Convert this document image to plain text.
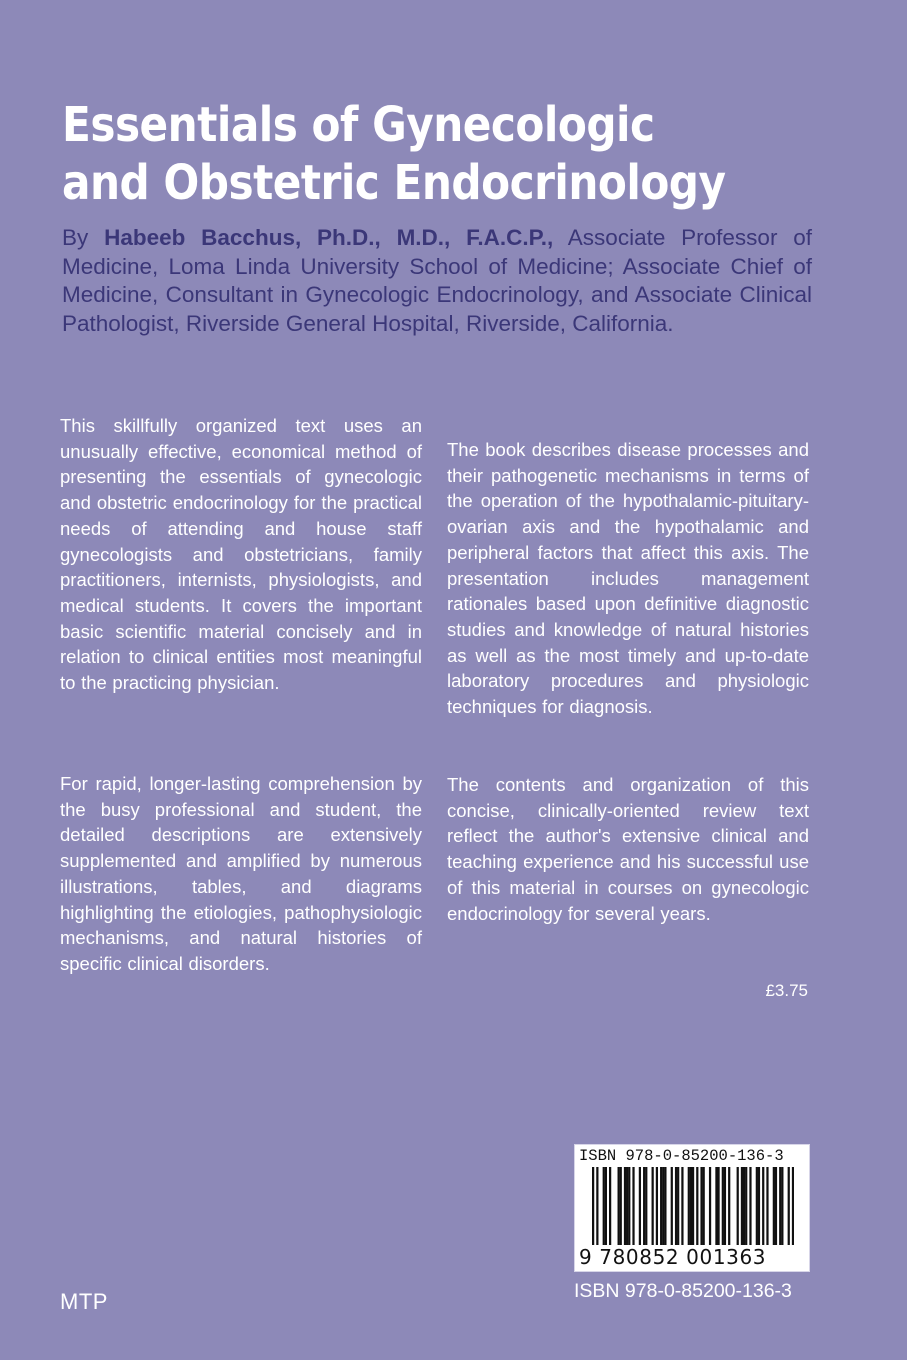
Essentials of Gynecologic
and Obstetric Endocrinology
By Habeeb Bacchus, Ph.D., M.D., F.A.C.P., Associate Professor of Medicine, Loma Linda University School of Medicine; Associate Chief of Medicine, Consultant in Gynecologic Endocrinology, and Associate Clinical Pathologist, Riverside General Hospital, Riverside, California.

This skillfully organized text uses an unusually effective, economical method of presenting the essentials of gynecologic and obstetric endocrinology for the practical needs of attending and house staff gynecologists and obstetricians, family practitioners, internists, physiologists, and medical students. It covers the important basic scientific material concisely and in relation to clinical entities most meaningful to the practicing physician.

For rapid, longer-lasting comprehension by the busy professional and student, the detailed descriptions are extensively supplemented and amplified by numerous illustrations, tables, and diagrams highlighting the etiologies, pathophysiologic mechanisms, and natural histories of specific clinical disorders.

The book describes disease processes and their pathogenetic mechanisms in terms of the operation of the hypothalamic-pituitary-ovarian axis and the hypothalamic and peripheral factors that affect this axis. The presentation includes management rationales based upon definitive diagnostic studies and knowledge of natural histories as well as the most timely and up-to-date laboratory procedures and physiologic techniques for diagnosis.

The contents and organization of this concise, clinically-oriented review text reflect the author's extensive clinical and teaching experience and his successful use of this material in courses on gynecologic endocrinology for several years.

£3.75
ISBN 978-0-85200-136-3
9 780852 001363
ISBN 978-0-85200-136-3
MTP
